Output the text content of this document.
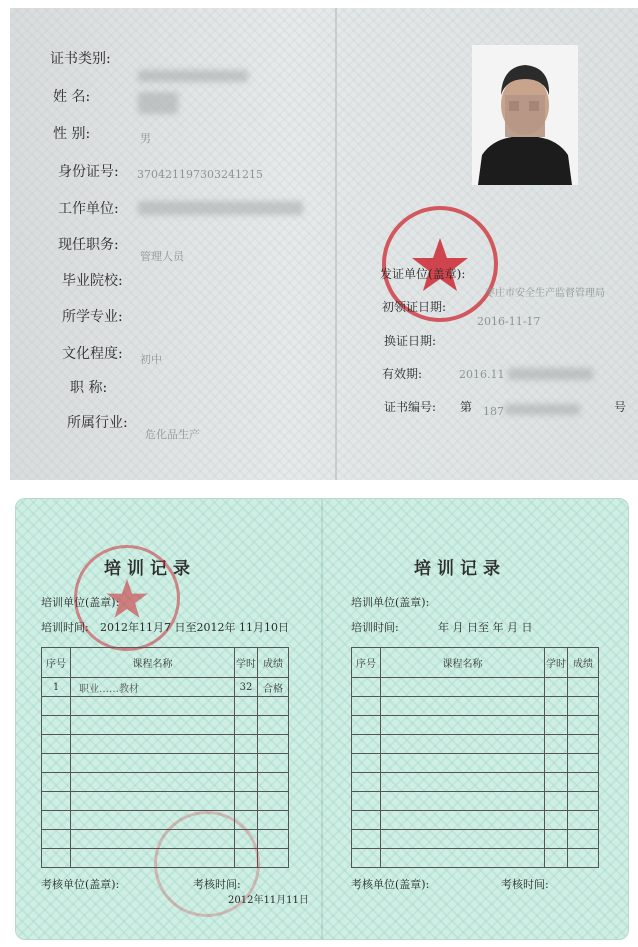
证书类别:
姓 名:
性 别:	男
身份证号: 370421197303241215
工作单位:
现任职务:
管理人员
毕业院校:
所学专业:
文化程度: 初中
职 称:
所属行业:
危化品生产
发证单位(盖章):
枣庄市安全生产监督管理局
初领证日期:
2016-11-17
换证日期:
有效期:	2016.11
证书编号: 第 187	号
培训记录
培训单位(盖章):
培训时间: 2012年11月7 日至2012年 11月10日
序号	课程名称	学时	成绩
1	职业……教材	32	合格

考核单位(盖章):	考核时间:
2012年11月11日
培训记录
培训单位(盖章):
培训时间:	年 月 日至 年 月 日
序号	课程名称	学时	成绩

考核单位(盖章):	考核时间:
